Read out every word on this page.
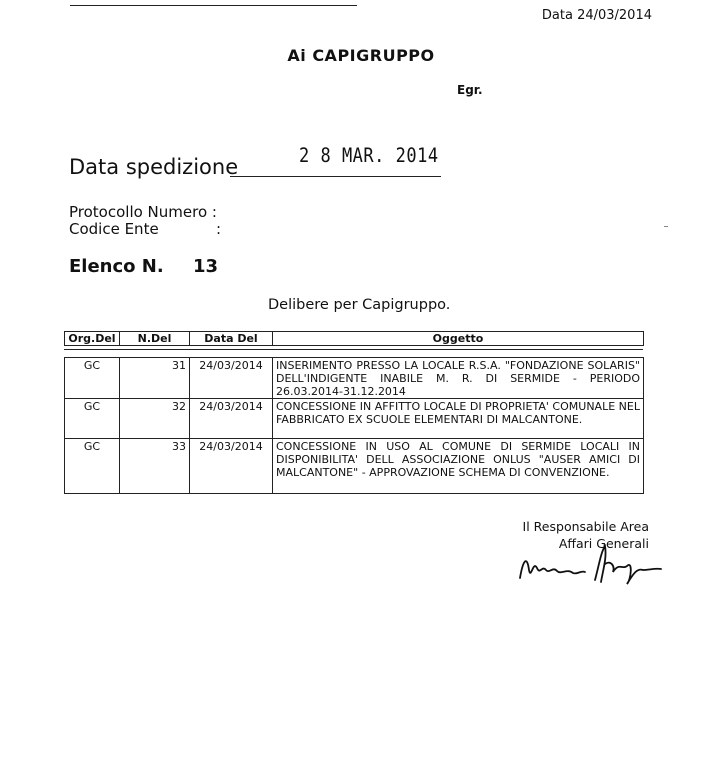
Data 24/03/2014
Ai CAPIGRUPPO
Egr.
Data spedizione	2 8 MAR. 2014
Protocollo Numero :
Codice Ente	:
Elenco N. 13
Delibere per Capigruppo.
Org.Del	N.Del	Data Del	Oggetto
GC	31	24/03/2014	INSERIMENTO PRESSO LA LOCALE R.S.A. "FONDAZIONE SOLARIS" DELL'INDIGENTE INABILE M. R. DI SERMIDE - PERIODO 26.03.2014-31.12.2014
GC	32	24/03/2014	CONCESSIONE IN AFFITTO LOCALE DI PROPRIETA' COMUNALE NEL FABBRICATO EX SCUOLE ELEMENTARI DI MALCANTONE.
GC	33	24/03/2014	CONCESSIONE IN USO AL COMUNE DI SERMIDE LOCALI IN DISPONIBILITA' DELL ASSOCIAZIONE ONLUS "AUSER AMICI DI MALCANTONE" - APPROVAZIONE SCHEMA DI CONVENZIONE.
Il Responsabile Area
Affari Generali
